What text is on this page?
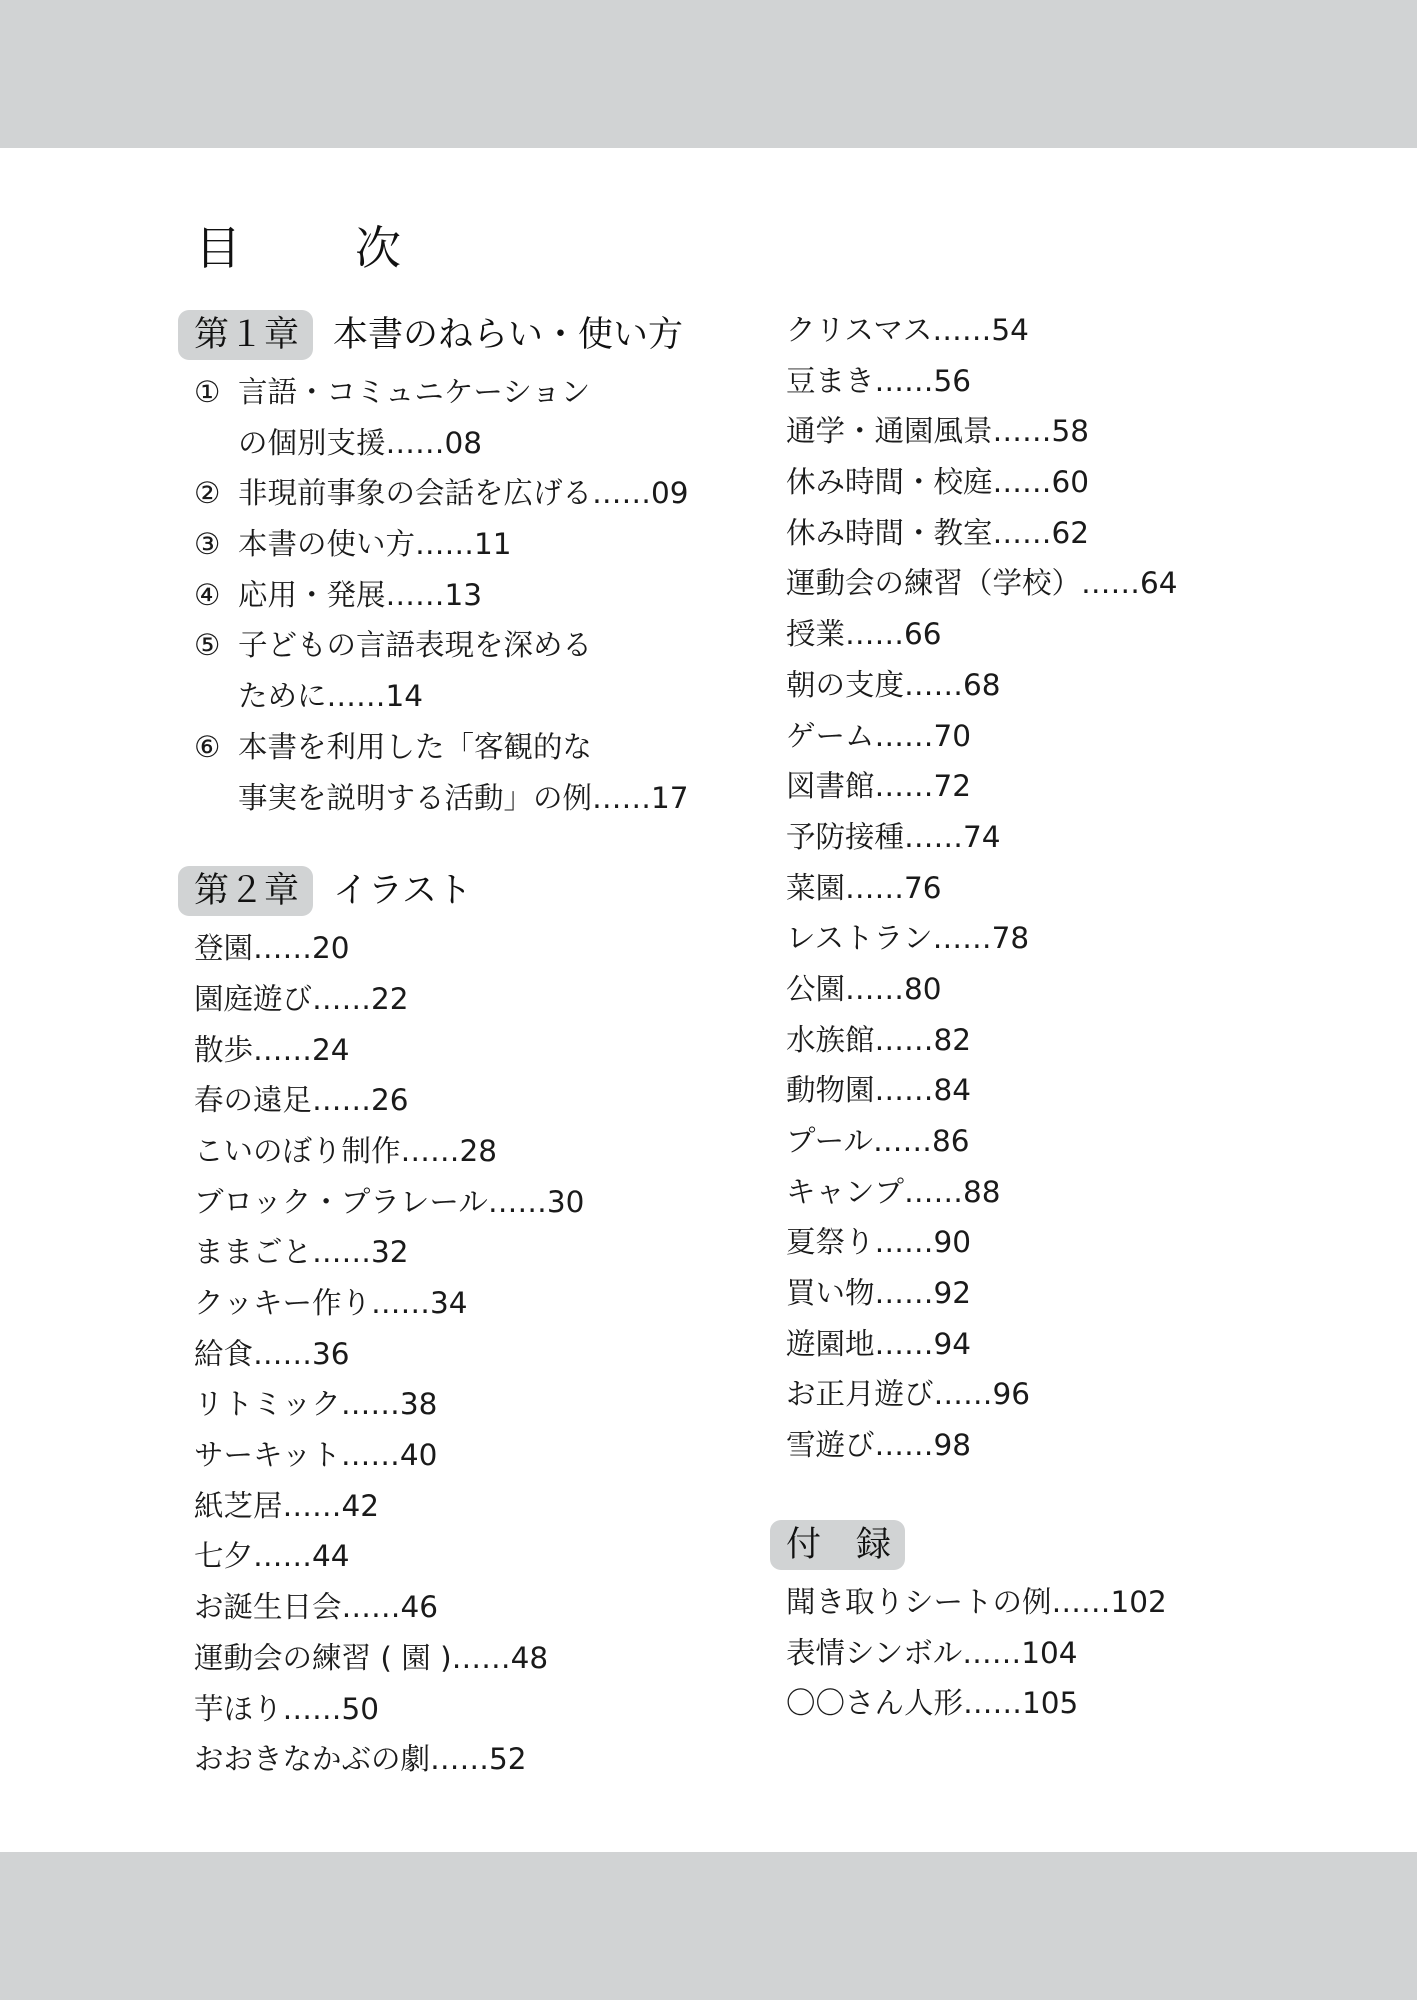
目　次
第１章 本書のねらい・使い方
① 言語・コミュニケーション
の個別支援……08
② 非現前事象の会話を広げる……09
③ 本書の使い方……11
④ 応用・発展……13
⑤ 子どもの言語表現を深める
ために……14
⑥ 本書を利用した「客観的な
事実を説明する活動」の例……17
第２章 イラスト
登園……20
園庭遊び……22
散歩……24
春の遠足……26
こいのぼり制作……28
ブロック・プラレール……30
ままごと……32
クッキー作り……34
給食……36
リトミック……38
サーキット……40
紙芝居……42
七夕……44
お誕生日会……46
運動会の練習 ( 園 )……48
芋ほり……50
おおきなかぶの劇……52
クリスマス……54
豆まき……56
通学・通園風景……58
休み時間・校庭……60
休み時間・教室……62
運動会の練習（学校）……64
授業……66
朝の支度……68
ゲーム……70
図書館……72
予防接種……74
菜園……76
レストラン……78
公園……80
水族館……82
動物園……84
プール……86
キャンプ……88
夏祭り……90
買い物……92
遊園地……94
お正月遊び……96
雪遊び……98
付　録
聞き取りシートの例……102
表情シンボル……104
〇〇さん人形……105
